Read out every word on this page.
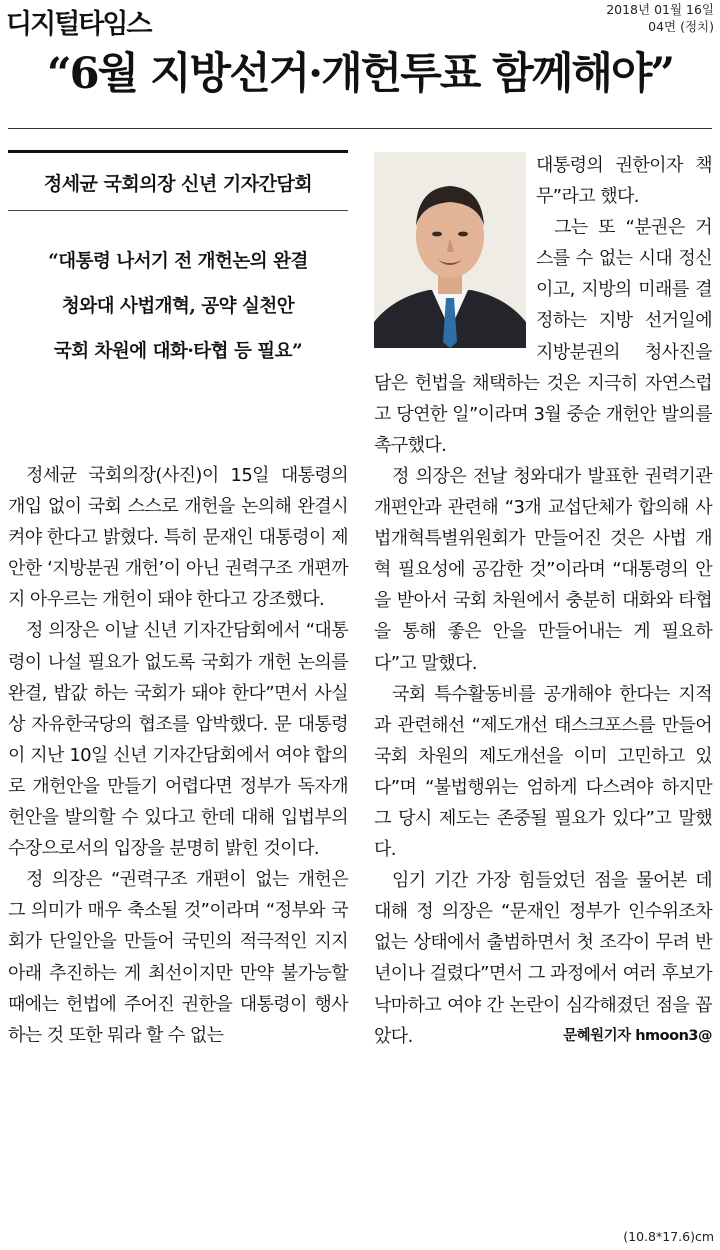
디지털타임스	2018년 01월 16일
04면 (정치)
“6월 지방선거·개헌투표 함께해야”
정세균 국회의장 신년 기자간담회
“대통령 나서기 전 개헌논의 완결
청와대 사법개혁, 공약 실천안
국회 차원에 대화·타협 등 필요”

정세균 국회의장(사진)이 15일 대통령의 개입 없이 국회 스스로 개헌을 논의해 완결시켜야 한다고 밝혔다. 특히 문재인 대통령이 제안한 ‘지방분권 개헌’이 아닌 권력구조 개편까지 아우르는 개헌이 돼야 한다고 강조했다.

정 의장은 이날 신년 기자간담회에서 “대통령이 나설 필요가 없도록 국회가 개헌 논의를 완결, 밥값 하는 국회가 돼야 한다”면서 사실상 자유한국당의 협조를 압박했다. 문 대통령이 지난 10일 신년 기자간담회에서 여야 합의로 개헌안을 만들기 어렵다면 정부가 독자개헌안을 발의할 수 있다고 한데 대해 입법부의 수장으로서의 입장을 분명히 밝힌 것이다.

정 의장은 “권력구조 개편이 없는 개헌은 그 의미가 매우 축소될 것”이라며 “정부와 국회가 단일안을 만들어 국민의 적극적인 지지 아래 추진하는 게 최선이지만 만약 불가능할 때에는 헌법에 주어진 권한을 대통령이 행사하는 것 또한 뭐라 할 수 없는

대통령의 권한이자 책무”라고 했다.

그는 또 “분권은 거스를 수 없는 시대 정신이고, 지방의 미래를 결정하는 지방 선거일에 지방분권의 청사진을 담은 헌법을 채택하는 것은 지극히 자연스럽고 당연한 일”이라며 3월 중순 개헌안 발의를 촉구했다.

정 의장은 전날 청와대가 발표한 권력기관 개편안과 관련해 “3개 교섭단체가 합의해 사법개혁특별위원회가 만들어진 것은 사법 개혁 필요성에 공감한 것”이라며 “대통령의 안을 받아서 국회 차원에서 충분히 대화와 타협을 통해 좋은 안을 만들어내는 게 필요하다”고 말했다.

국회 특수활동비를 공개해야 한다는 지적과 관련해선 “제도개선 태스크포스를 만들어 국회 차원의 제도개선을 이미 고민하고 있다”며 “불법행위는 엄하게 다스려야 하지만 그 당시 제도는 존중될 필요가 있다”고 말했다.

임기 기간 가장 힘들었던 점을 물어본 데 대해 정 의장은 “문재인 정부가 인수위조차 없는 상태에서 출범하면서 첫 조각이 무려 반년이나 걸렸다”면서 그 과정에서 여러 후보가 낙마하고 여야 간 논란이 심각해졌던 점을 꼽았다.	문혜원기자 hmoon3@
(10.8*17.6)cm
